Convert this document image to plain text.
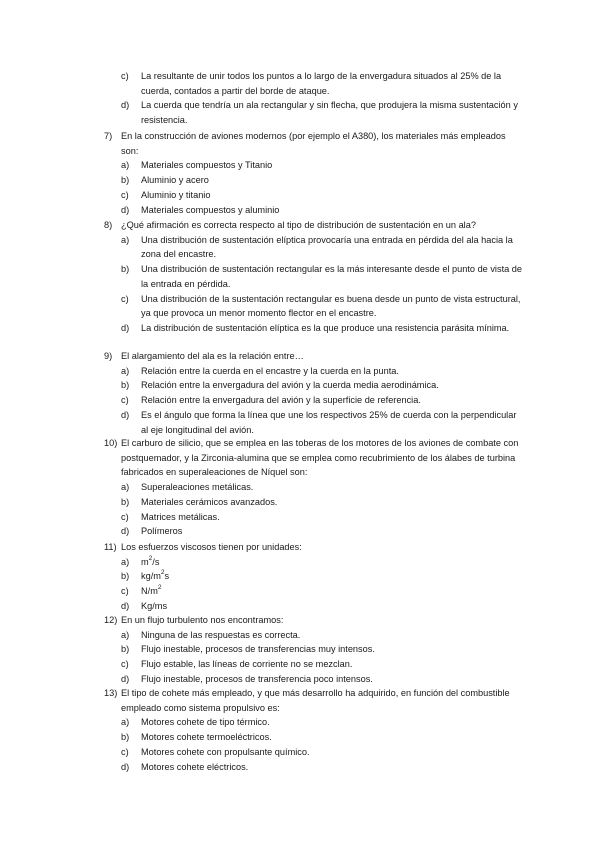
c)	La resultante de unir todos los puntos a lo largo de la envergadura situados al 25% de la cuerda, contados a partir del borde de ataque.
d)	La cuerda que tendría un ala rectangular y sin flecha, que produjera la misma sustentación y resistencia.
7) En la construcción de aviones modernos (por ejemplo el A380), los materiales más empleados son:
a)	Materiales compuestos y Titanio
b)	Aluminio y acero
c)	Aluminio y titanio
d)	Materiales compuestos y aluminio
8) ¿Qué afirmación es correcta respecto al tipo de distribución de sustentación en un ala?
a)	Una distribución de sustentación elíptica provocaría una entrada en pérdida del ala hacia la zona del encastre.
b)	Una distribución de sustentación rectangular es la más interesante desde el punto de vista de la entrada en pérdida.
c)	Una distribución de la sustentación rectangular es buena desde un punto de vista estructural, ya que provoca un menor momento flector en el encastre.
d)	La distribución de sustentación elíptica es la que produce una resistencia parásita mínima.
9) El alargamiento del ala es la relación entre…
a)	Relación entre la cuerda en el encastre y la cuerda en la punta.
b)	Relación entre la envergadura del avión y la cuerda media aerodinámica.
c)	Relación entre la envergadura del avión y la superficie de referencia.
d)	Es el ángulo que forma la línea que une los respectivos 25% de cuerda con la perpendicular al eje longitudinal del avión.
10) El carburo de silicio, que se emplea en las toberas de los motores de los aviones de combate con postquemador, y la Zirconia-alumina que se emplea como recubrimiento de los álabes de turbina fabricados en superaleaciones de Níquel son:
a)	Superaleaciones metálicas.
b)	Materiales cerámicos avanzados.
c)	Matrices metálicas.
d)	Polímeros
11) Los esfuerzos viscosos tienen por unidades:
a)	$m^2/s$
b)	$kg/m^2s$
c)	$N/m^2$
d)	Kg/ms
12) En un flujo turbulento nos encontramos:
a)	Ninguna de las respuestas es correcta.
b)	Flujo inestable, procesos de transferencias muy intensos.
c)	Flujo estable, las líneas de corriente no se mezclan.
d)	Flujo inestable, procesos de transferencia poco intensos.
13) El tipo de cohete más empleado, y que más desarrollo ha adquirido, en función del combustible empleado como sistema propulsivo es:
a)	Motores cohete de tipo térmico.
b)	Motores cohete termoeléctricos.
c)	Motores cohete con propulsante químico.
d)	Motores cohete eléctricos.
